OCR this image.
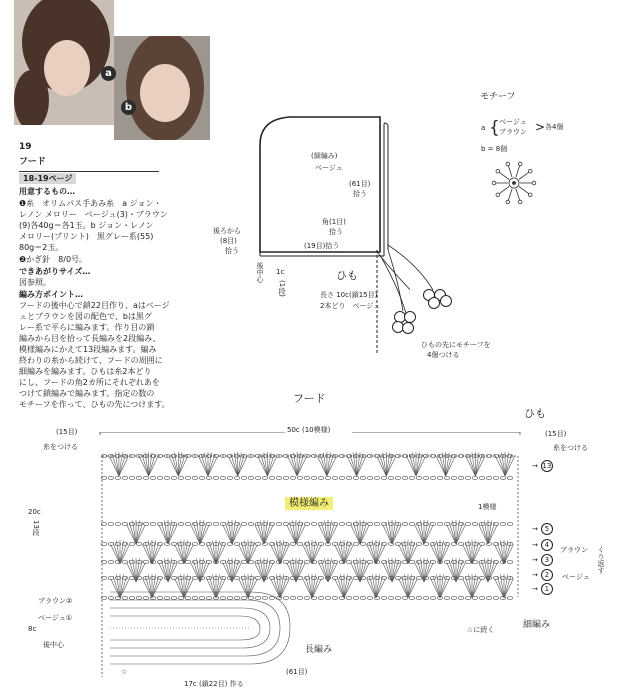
a
b
19
フード
18-19ページ
用意するもの…
❶糸　オリムパス手あみ糸　a ジョン・
レノン メロリー　ベージュ(3)・ブラウン
(9)各40g＝各1玉。b ジョン・レノン
メロリー(プリント)　黒グレー系(55)
80g＝2玉。
❷かぎ針　8/0号。
できあがりサイズ…
図参照。
編み方ポイント…
フードの後中心で鎖22目作り、aはベージ
ュとブラウンを図の配色で、bは黒グ
レー系で平らに編みます。作り目の鎖
編みから目を拾って長編みを2段編み、
模様編みにかえて13段編みます。編み
終わりの糸から続けて、フードの周囲に
細編みを編みます。ひもは糸2本どり
にし、フードの角2カ所にそれぞれあを
つけて鎖編みで編みます。指定の数の
モチーフを作って、ひもの先につけます。
モチーフ
a { ベージュ
ブラウン > 各4個
b = 8個
(細編み)
ベージュ
(61目)
拾う
角(1目)
拾う
(19目)拾う
後ろから
(8目)
拾う
後中心 1c
(1段)
ひも
長さ 10c(鎖15目)
2本どり　ベージュ
ひもの先にモチーフを
4個つける
フード
50c (10模様)
(15目)
糸をつける
ひも
(15目)
糸をつける
→ 13
13段
20c
模様編み	1模様
→ 5
→ 4
→ 3
→ 2
→ 1
ブラウン
ベージュ
くり返す
ブラウン②
ベージュ①
8c
後中心
☆に続く	細編み
長編み
17c (鎖22目) 作る
(61目)
☆
